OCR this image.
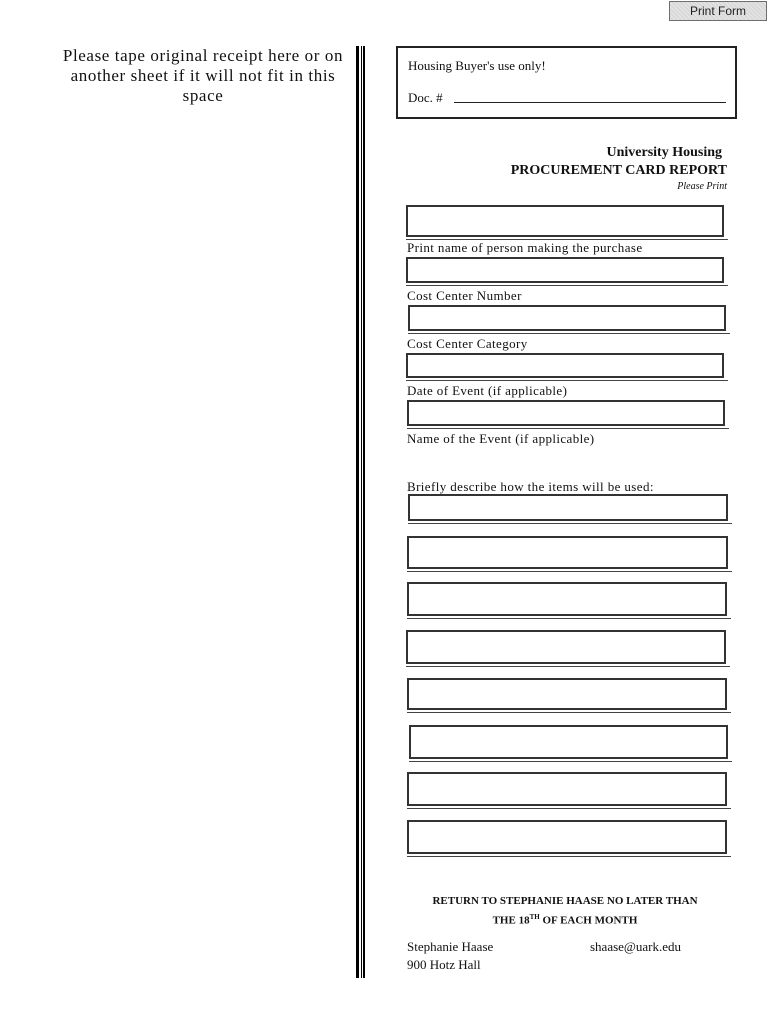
Print Form
Please tape original receipt here or on
another sheet if it will not fit in this space
Housing Buyer's use only!
Doc. #
University Housing
PROCUREMENT CARD REPORT
Please Print
Print name of person making the purchase
Cost Center Number
Cost Center Category
Date of Event (if applicable)
Name of the Event (if applicable)
Briefly describe how the items will be used:
RETURN TO STEPHANIE HAASE NO LATER THAN
THE 18TH OF EACH MONTH
Stephanie Haase
900 Hotz Hall
shaase@uark.edu
